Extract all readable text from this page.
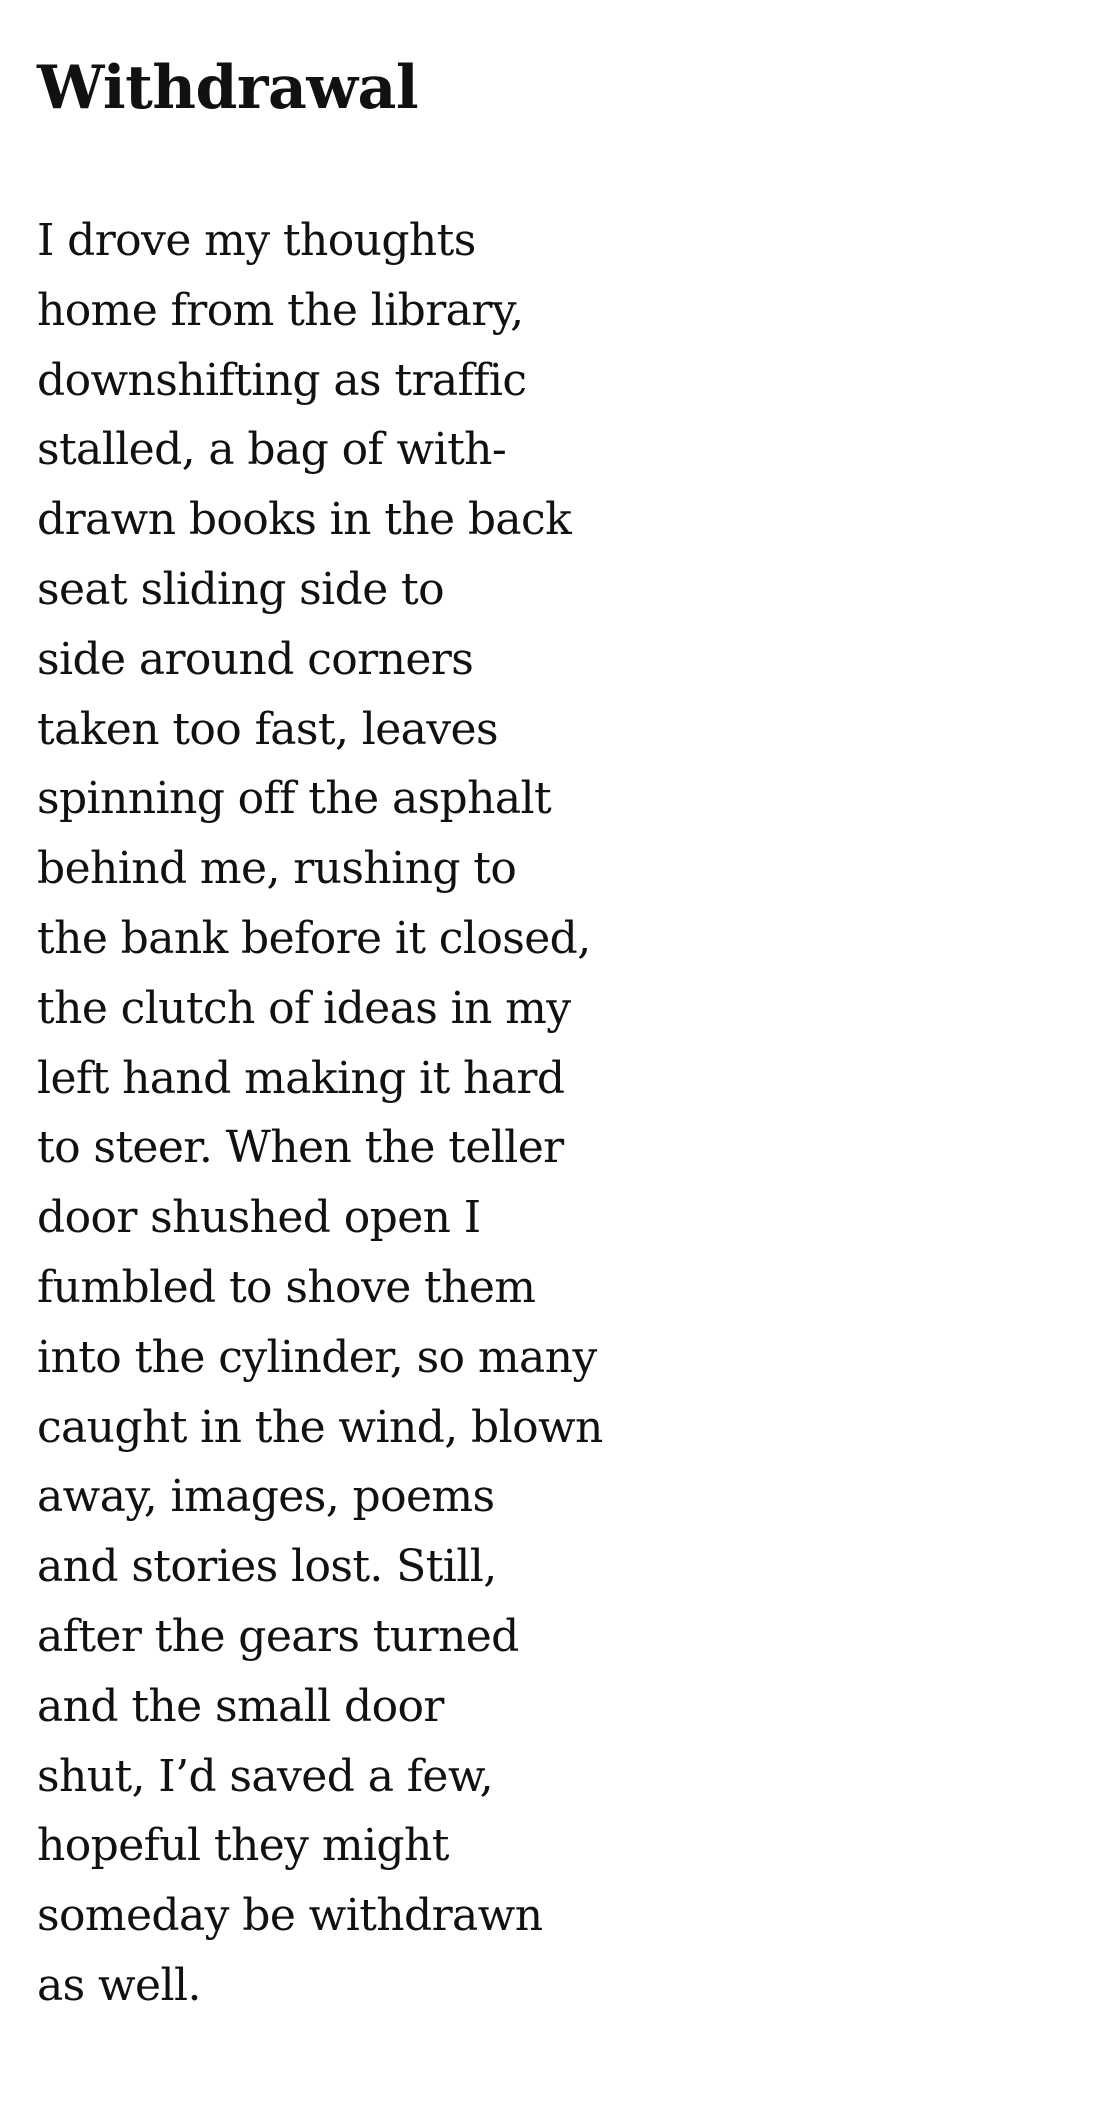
Withdrawal
I drove my thoughts
home from the library,
downshifting as traffic
stalled, a bag of with-
drawn books in the back
seat sliding side to
side around corners
taken too fast, leaves
spinning off the asphalt
behind me, rushing to
the bank before it closed,
the clutch of ideas in my
left hand making it hard
to steer. When the teller
door shushed open I
fumbled to shove them
into the cylinder, so many
caught in the wind, blown
away, images, poems
and stories lost. Still,
after the gears turned
and the small door
shut, I’d saved a few,
hopeful they might
someday be withdrawn
as well.
